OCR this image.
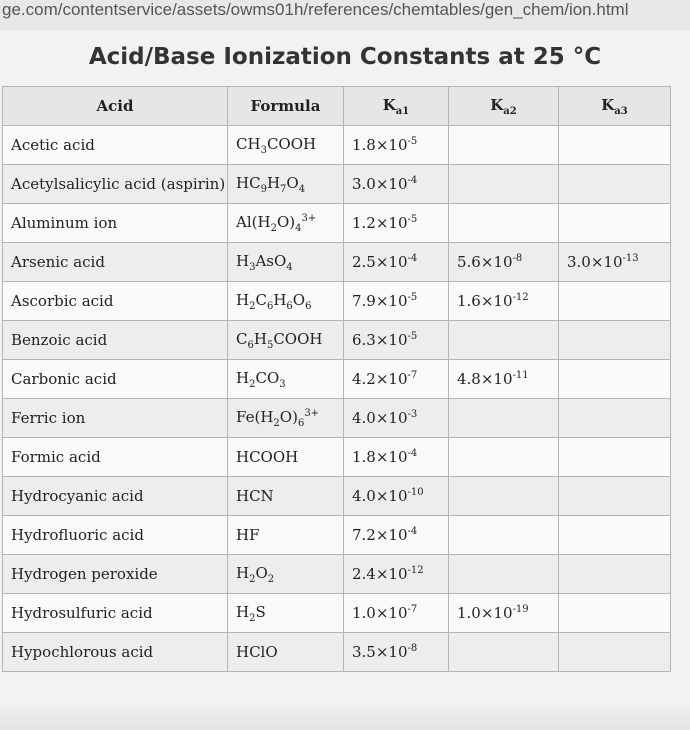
ge.com/contentservice/assets/owms01h/references/chemtables/gen_chem/ion.html
Acid/Base Ionization Constants at 25 °C
Acid	Formula	$K_{a1}$	$K_{a2}$	$K_{a3}$
Acetic acid	$CH_3COOH$	$1.8\times 10^{-5}$		
Acetylsalicylic acid (aspirin)	$HC_9H_7O_4$	$3.0\times 10^{-4}$		
Aluminum ion	$Al(H_2O)_4^{3+}$	$1.2\times 10^{-5}$		
Arsenic acid	$H_3AsO_4$	$2.5\times 10^{-4}$	$5.6\times 10^{-8}$	$3.0\times 10^{-13}$
Ascorbic acid	$H_2C_6H_6O_6$	$7.9\times 10^{-5}$	$1.6\times 10^{-12}$	
Benzoic acid	$C_6H_5COOH$	$6.3\times 10^{-5}$		
Carbonic acid	$H_2CO_3$	$4.2\times 10^{-7}$	$4.8\times 10^{-11}$	
Ferric ion	$Fe(H_2O)_6^{3+}$	$4.0\times 10^{-3}$		
Formic acid	HCOOH	$1.8\times 10^{-4}$		
Hydrocyanic acid	HCN	$4.0\times 10^{-10}$		
Hydrofluoric acid	HF	$7.2\times 10^{-4}$		
Hydrogen peroxide	$H_2O_2$	$2.4\times 10^{-12}$		
Hydrosulfuric acid	$H_2S$	$1.0\times 10^{-7}$	$1.0\times 10^{-19}$	
Hypochlorous acid	HClO	$3.5\times 10^{-8}$		
